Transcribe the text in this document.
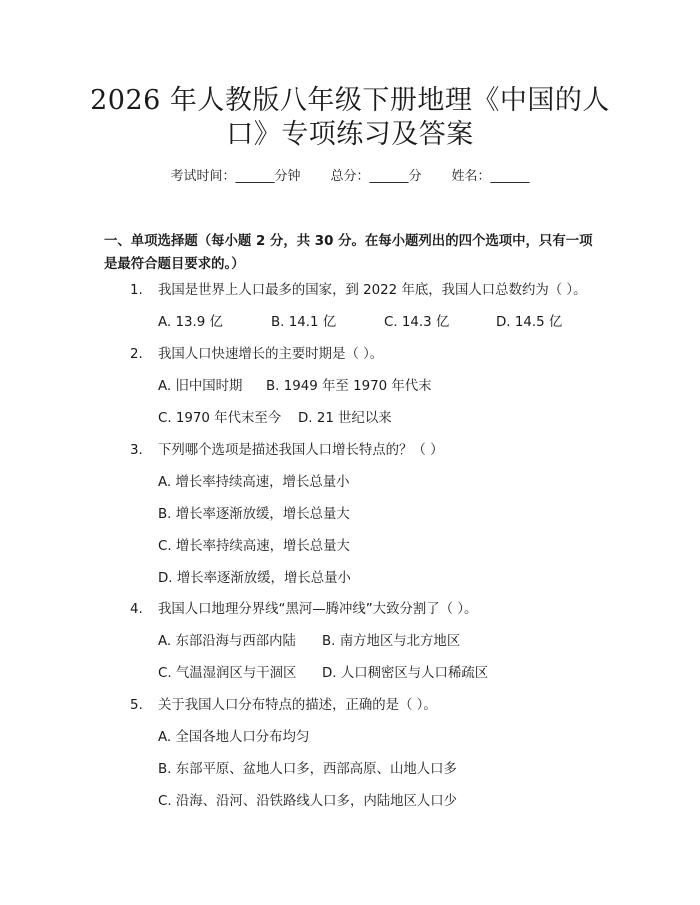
2026 年人教版八年级下册地理《中国的人
口》专项练习及答案
考试时间：______分钟 总分：______分 姓名：______

一、单项选择题（每小题 2 分，共 30 分。在每小题列出的四个选项中，只有一项是最符合题目要求的。）

1. 我国是世界上人口最多的国家，到 2022 年底，我国人口总数约为（ ）。
A. 13.9 亿	B. 14.1 亿	C. 14.3 亿	D. 14.5 亿
2. 我国人口快速增长的主要时期是（ ）。
A. 旧中国时期 B. 1949 年至 1970 年代末
C. 1970 年代末至今 D. 21 世纪以来
3. 下列哪个选项是描述我国人口增长特点的？（ ）
A. 增长率持续高速，增长总量小
B. 增长率逐渐放缓，增长总量大
C. 增长率持续高速，增长总量大
D. 增长率逐渐放缓，增长总量小
4. 我国人口地理分界线“黑河—腾冲线”大致分割了（ ）。
A. 东部沿海与西部内陆 B. 南方地区与北方地区
C. 气温湿润区与干涸区 D. 人口稠密区与人口稀疏区
5. 关于我国人口分布特点的描述，正确的是（ ）。
A. 全国各地人口分布均匀
B. 东部平原、盆地人口多，西部高原、山地人口多
C. 沿海、沿河、沿铁路线人口多，内陆地区人口少
